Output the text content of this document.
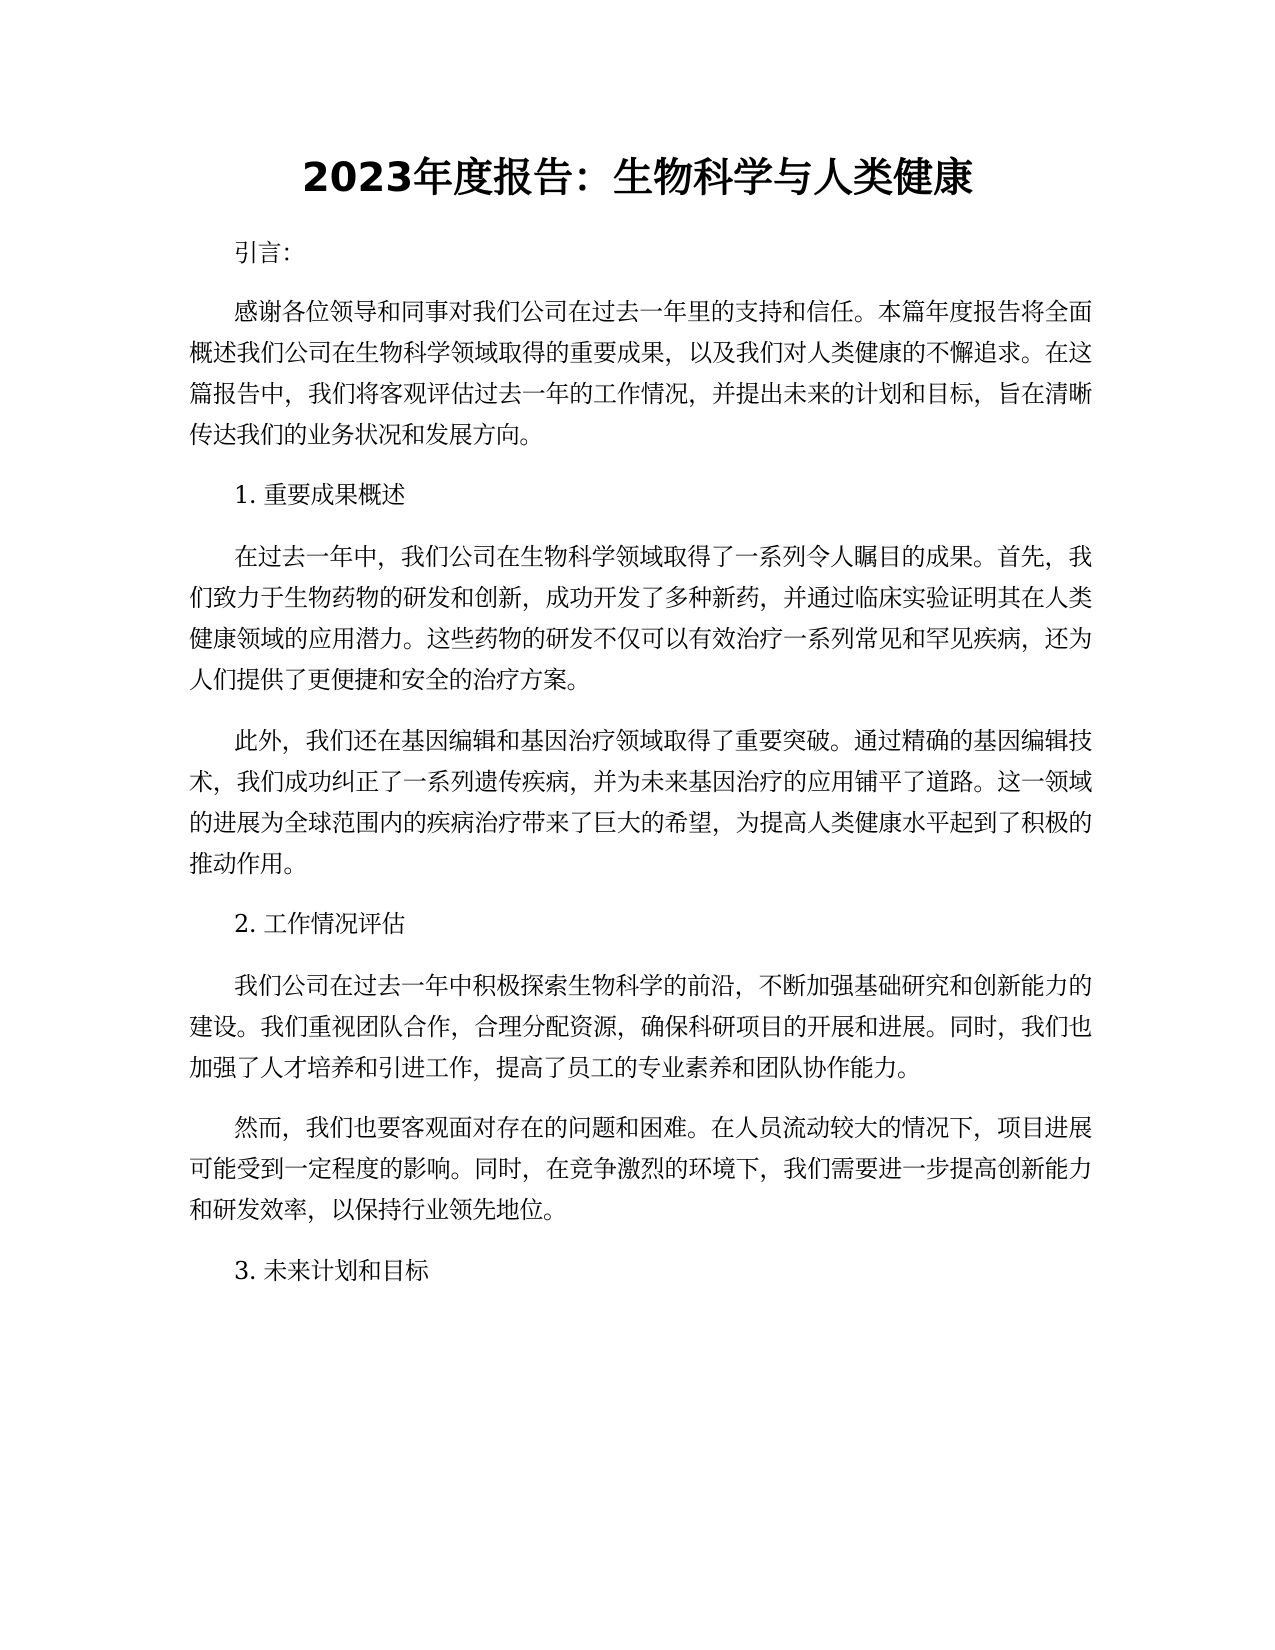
2023年度报告：生物科学与人类健康

引言：

感谢各位领导和同事对我们公司在过去一年里的支持和信任。本篇年度报告将全面概述我们公司在生物科学领域取得的重要成果，以及我们对人类健康的不懈追求。在这篇报告中，我们将客观评估过去一年的工作情况，并提出未来的计划和目标，旨在清晰传达我们的业务状况和发展方向。

1. 重要成果概述

在过去一年中，我们公司在生物科学领域取得了一系列令人瞩目的成果。首先，我们致力于生物药物的研发和创新，成功开发了多种新药，并通过临床实验证明其在人类健康领域的应用潜力。这些药物的研发不仅可以有效治疗一系列常见和罕见疾病，还为人们提供了更便捷和安全的治疗方案。

此外，我们还在基因编辑和基因治疗领域取得了重要突破。通过精确的基因编辑技术，我们成功纠正了一系列遗传疾病，并为未来基因治疗的应用铺平了道路。这一领域的进展为全球范围内的疾病治疗带来了巨大的希望，为提高人类健康水平起到了积极的推动作用。

2. 工作情况评估

我们公司在过去一年中积极探索生物科学的前沿，不断加强基础研究和创新能力的建设。我们重视团队合作，合理分配资源，确保科研项目的开展和进展。同时，我们也加强了人才培养和引进工作，提高了员工的专业素养和团队协作能力。

然而，我们也要客观面对存在的问题和困难。在人员流动较大的情况下，项目进展可能受到一定程度的影响。同时，在竞争激烈的环境下，我们需要进一步提高创新能力和研发效率，以保持行业领先地位。

3. 未来计划和目标
